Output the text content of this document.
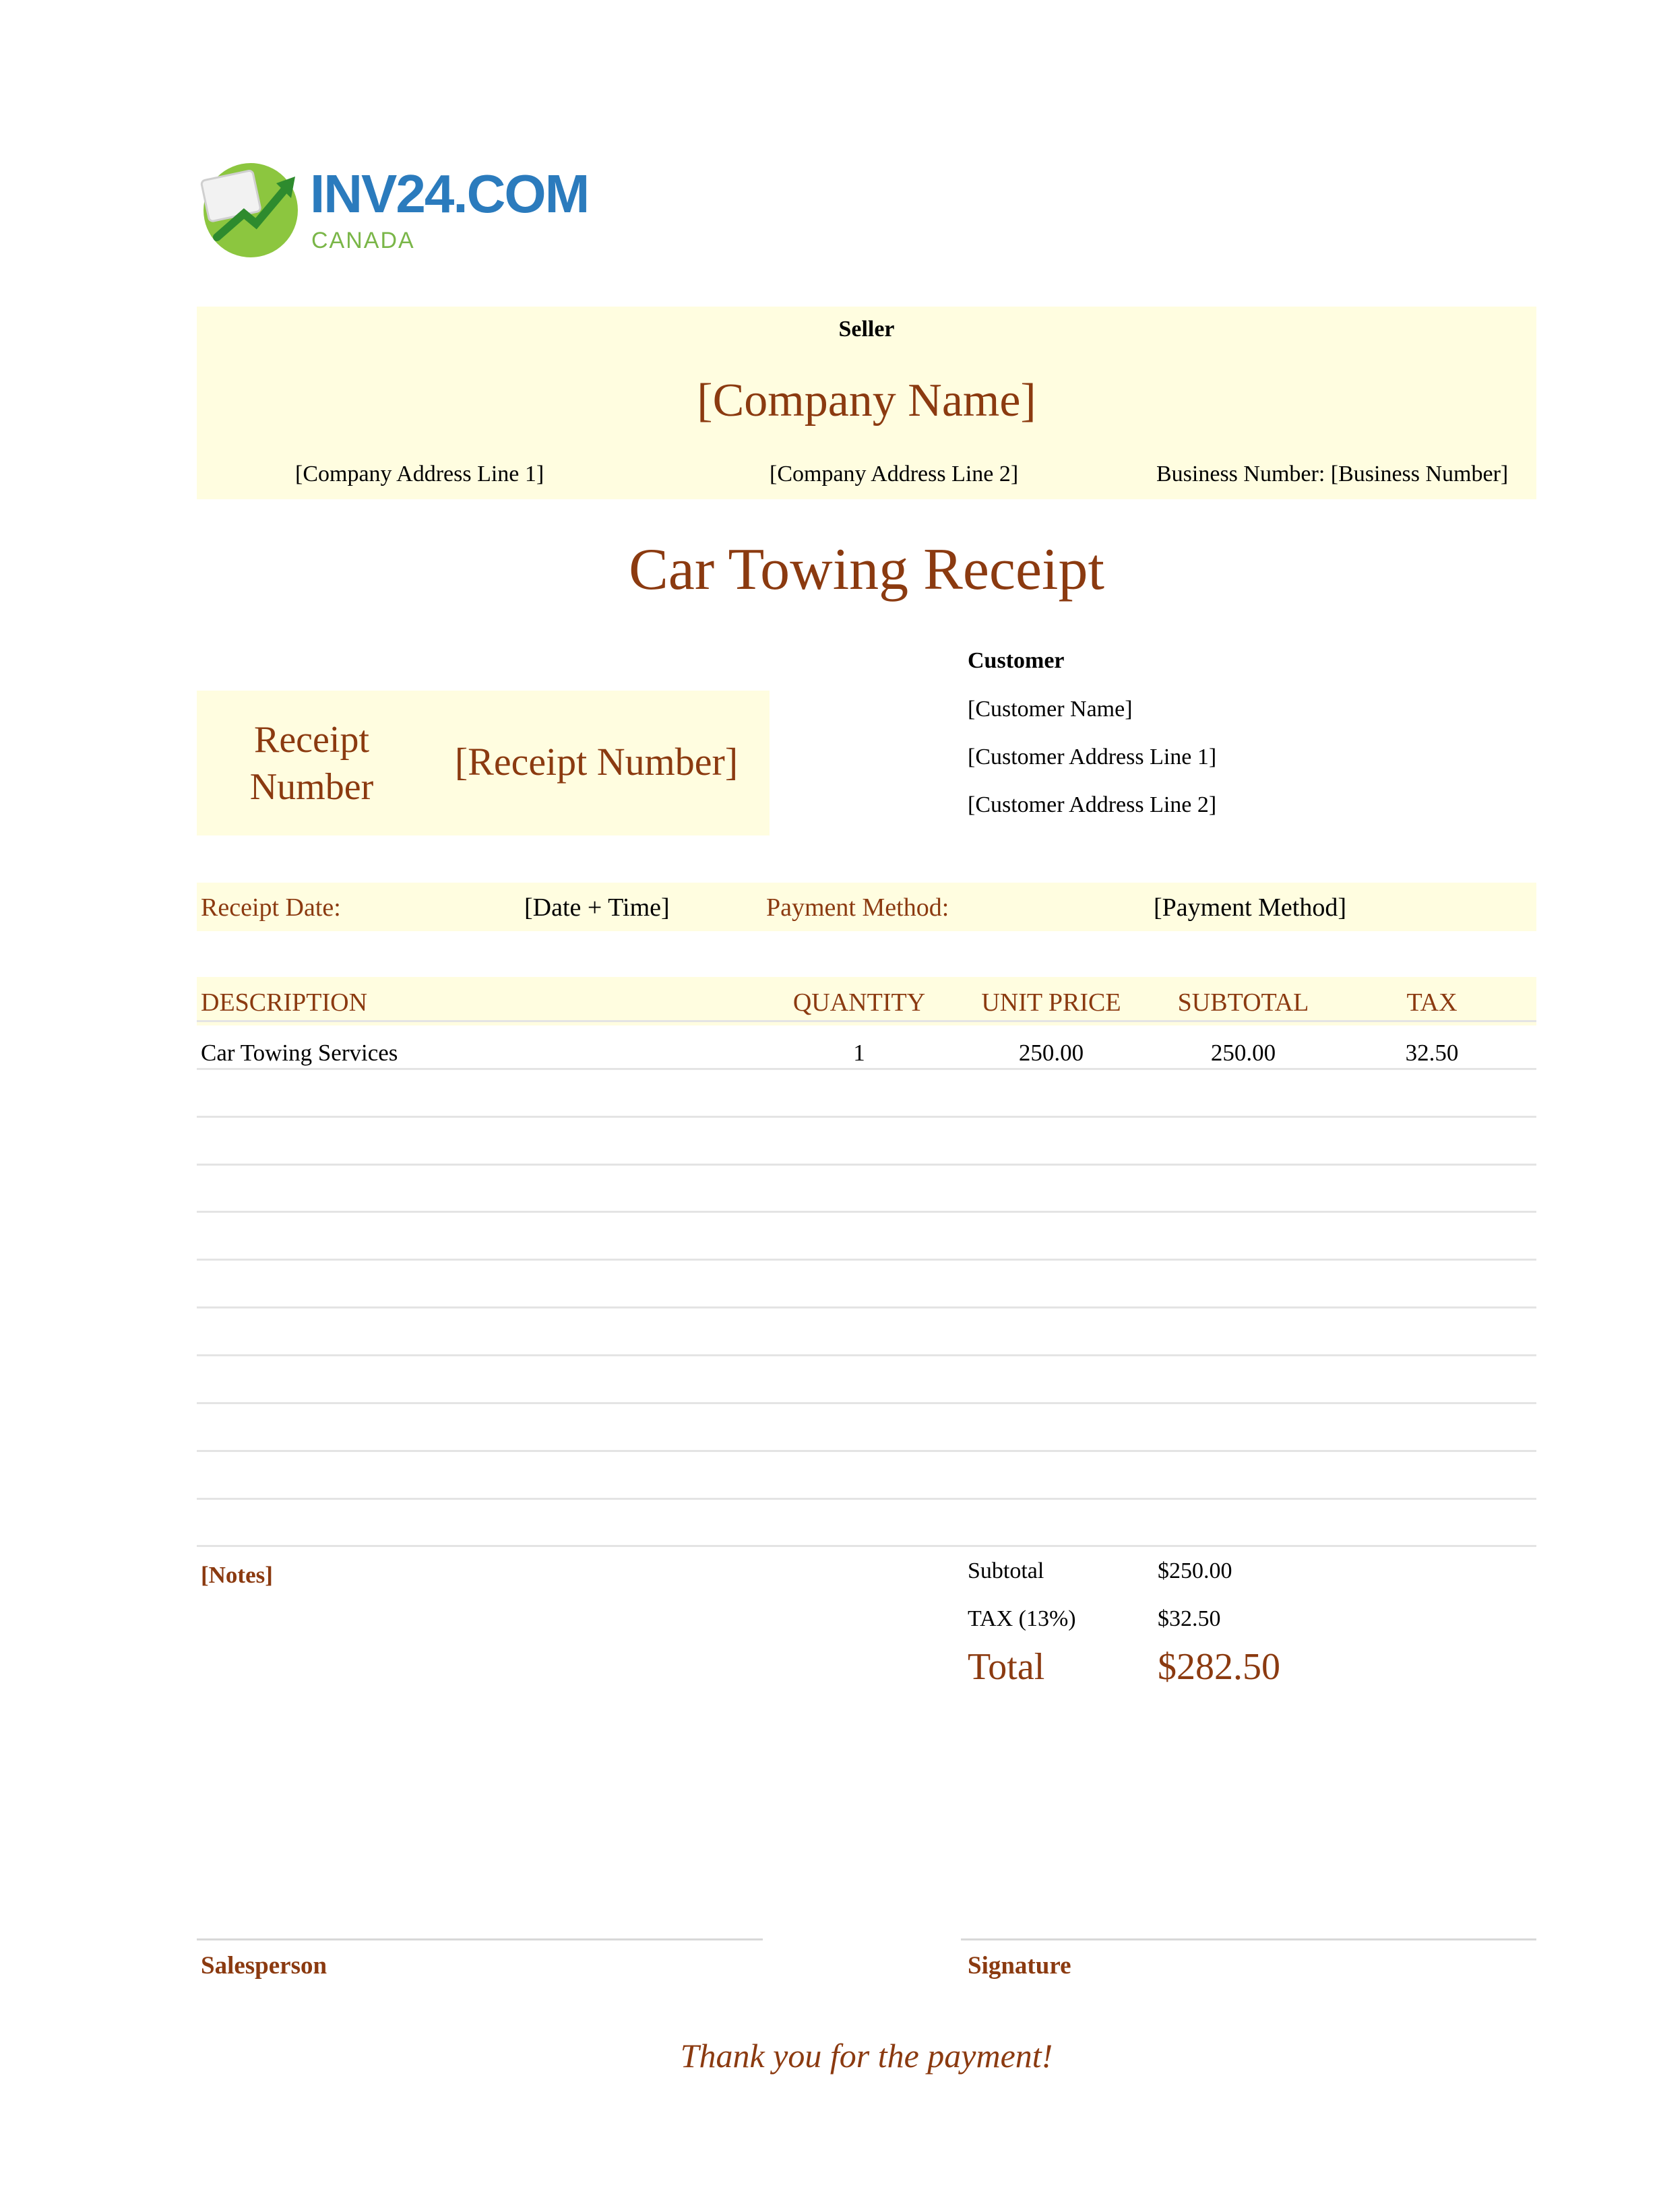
INV24.COM
CANADA
Seller
[Company Name]
[Company Address Line 1]	[Company Address Line 2]	Business Number: [Business Number]
Car Towing Receipt
Receipt Number
[Receipt Number]
Customer
[Customer Name]
[Customer Address Line 1]
[Customer Address Line 2]
Receipt Date:	[Date + Time]	Payment Method:	[Payment Method]
DESCRIPTION	QUANTITY	UNIT PRICE	SUBTOTAL	TAX
Car Towing Services	1	250.00	250.00	32.50
[Notes]	Subtotal	$250.00
TAX (13%)	$32.50
Total	$282.50
Salesperson	Signature
Thank you for the payment!
